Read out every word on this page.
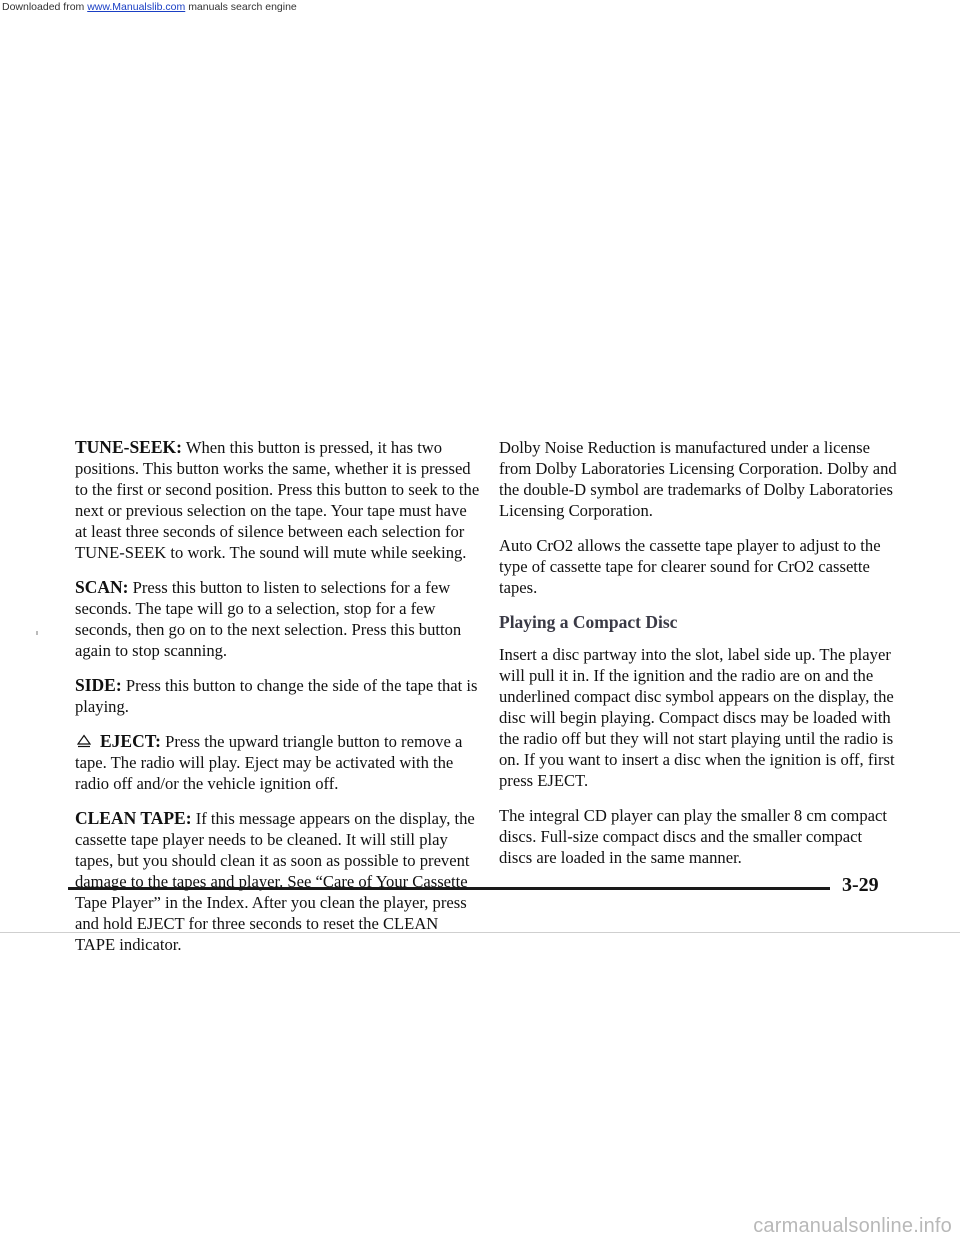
Downloaded from www.Manualslib.com manuals search engine

TUNE-SEEK: When this button is pressed, it has two positions. This button works the same, whether it is pressed to the first or second position. Press this button to seek to the next or previous selection on the tape. Your tape must have at least three seconds of silence between each selection for TUNE-SEEK to work. The sound will mute while seeking.

SCAN: Press this button to listen to selections for a few seconds. The tape will go to a selection, stop for a few seconds, then go on to the next selection. Press this button again to stop scanning.

SIDE: Press this button to change the side of the tape that is playing.

EJECT: Press the upward triangle button to remove a tape. The radio will play. Eject may be activated with the radio off and/or the vehicle ignition off.

CLEAN TAPE: If this message appears on the display, the cassette tape player needs to be cleaned. It will still play tapes, but you should clean it as soon as possible to prevent damage to the tapes and player. See “Care of Your Cassette Tape Player” in the Index. After you clean the player, press and hold EJECT for three seconds to reset the CLEAN TAPE indicator.

Dolby Noise Reduction is manufactured under a license from Dolby Laboratories Licensing Corporation. Dolby and the double-D symbol are trademarks of Dolby Laboratories Licensing Corporation.

Auto CrO2 allows the cassette tape player to adjust to the type of cassette tape for clearer sound for CrO2 cassette tapes.

Playing a Compact Disc

Insert a disc partway into the slot, label side up. The player will pull it in. If the ignition and the radio are on and the underlined compact disc symbol appears on the display, the disc will begin playing. Compact discs may be loaded with the radio off but they will not start playing until the radio is on. If you want to insert a disc when the ignition is off, first press EJECT.

The integral CD player can play the smaller 8 cm compact discs. Full-size compact discs and the smaller compact discs are loaded in the same manner.

3-29
carmanualsonline.info
